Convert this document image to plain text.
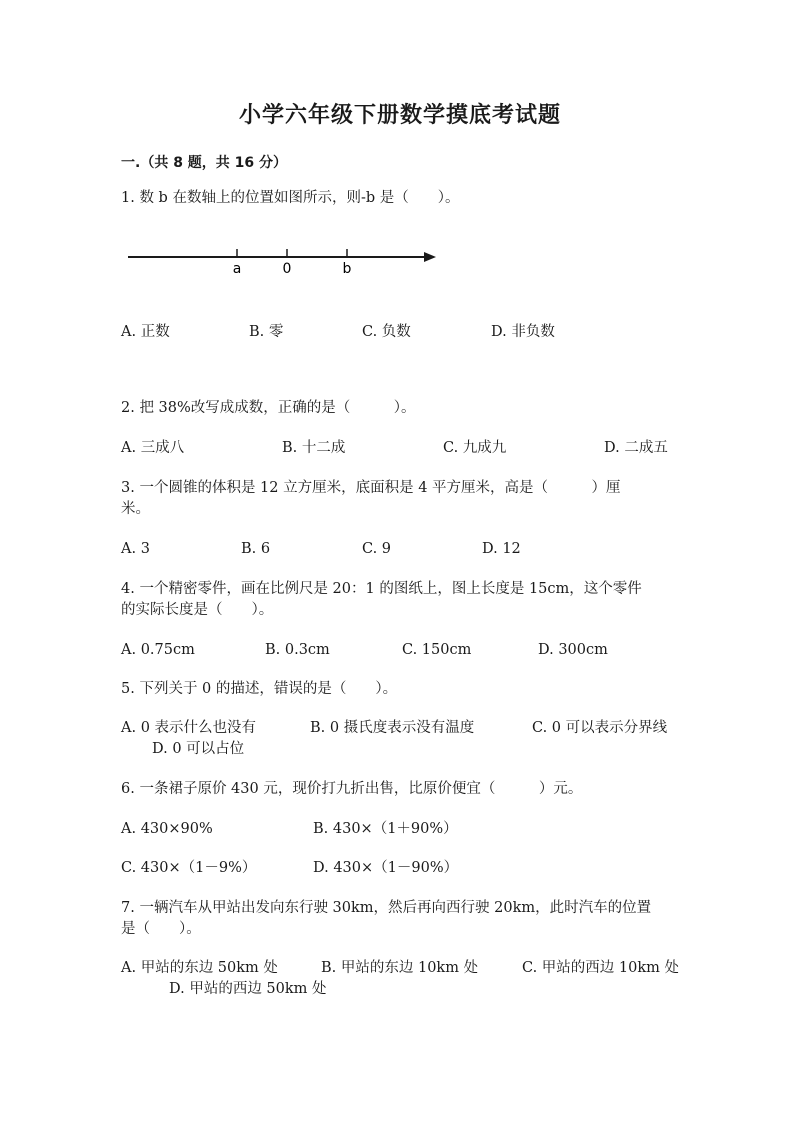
小学六年级下册数学摸底考试题
一.（共 8 题，共 16 分）
1. 数 b 在数轴上的位置如图所示，则-b 是（　　）。
a	0	b
A. 正数	B. 零	C. 负数	D. 非负数
2. 把 38%改写成成数，正确的是（　　　）。
A. 三成八	B. 十二成	C. 九成九	D. 二成五
3. 一个圆锥的体积是 12 立方厘米，底面积是 4 平方厘米，高是（　　　）厘
米。
A. 3	B. 6	C. 9	D. 12
4. 一个精密零件，画在比例尺是 20：1 的图纸上，图上长度是 15cm，这个零件
的实际长度是（　　）。
A. 0.75cm	B. 0.3cm	C. 150cm	D. 300cm
5. 下列关于 0 的描述，错误的是（　　）。
A. 0 表示什么也没有	B. 0 摄氏度表示没有温度	C. 0 可以表示分界线
D. 0 可以占位
6. 一条裙子原价 430 元，现价打九折出售，比原价便宜（　　　）元。
A. 430×90%	B. 430×（1＋90%）
C. 430×（1－9%）	D. 430×（1－90%）
7. 一辆汽车从甲站出发向东行驶 30km，然后再向西行驶 20km，此时汽车的位置
是（　　）。
A. 甲站的东边 50km 处	B. 甲站的东边 10km 处	C. 甲站的西边 10km 处
D. 甲站的西边 50km 处
